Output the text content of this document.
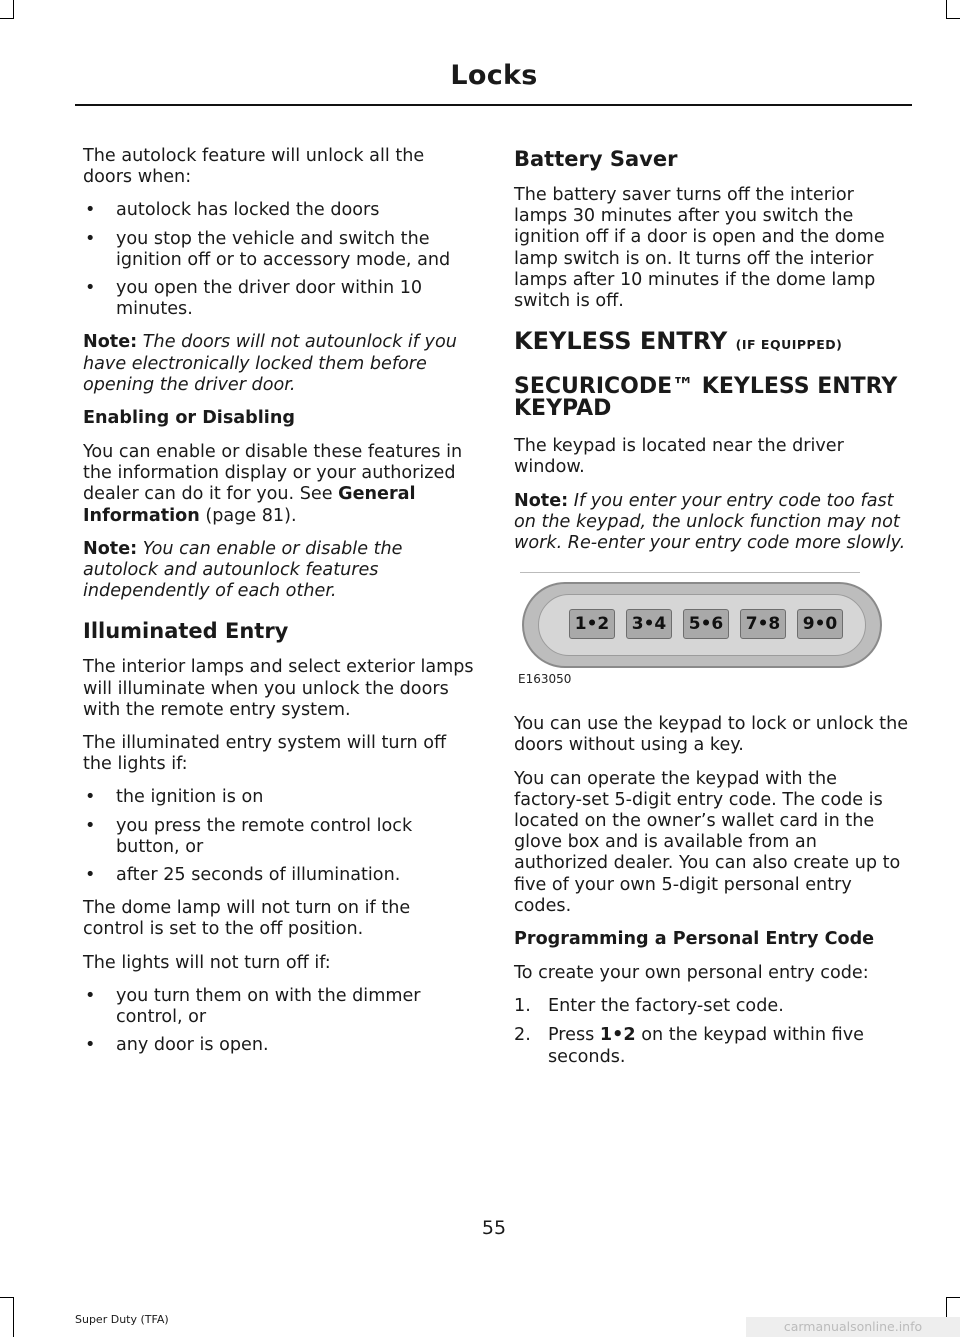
Locks

The autolock feature will unlock all the doors when:

• autolock has locked the doors
• you stop the vehicle and switch the ignition off or to accessory mode, and
• you open the driver door within 10 minutes.

Note: The doors will not autounlock if you have electronically locked them before opening the driver door.

Enabling or Disabling

You can enable or disable these features in the information display or your authorized dealer can do it for you. See General Information (page 81).

Note: You can enable or disable the autolock and autounlock features independently of each other.

Illuminated Entry

The interior lamps and select exterior lamps will illuminate when you unlock the doors with the remote entry system.

The illuminated entry system will turn off the lights if:

• the ignition is on
• you press the remote control lock button, or
• after 25 seconds of illumination.

The dome lamp will not turn on if the control is set to the off position.

The lights will not turn off if:

• you turn them on with the dimmer control, or
• any door is open.
Battery Saver

The battery saver turns off the interior lamps 30 minutes after you switch the ignition off if a door is open and the dome lamp switch is on. It turns off the interior lamps after 10 minutes if the dome lamp switch is off.

KEYLESS ENTRY (IF EQUIPPED)
SECURICODE™ KEYLESS ENTRY KEYPAD

The keypad is located near the driver window.

Note: If you enter your entry code too fast on the keypad, the unlock function may not work. Re-enter your entry code more slowly.

1•2	3•4	5•6	7•8	9•0
E163050

You can use the keypad to lock or unlock the doors without using a key.

You can operate the keypad with the factory-set 5-digit entry code. The code is located on the owner’s wallet card in the glove box and is available from an authorized dealer. You can also create up to five of your own 5-digit personal entry codes.

Programming a Personal Entry Code

To create your own personal entry code:

1. Enter the factory-set code.
2. Press 1•2 on the keypad within five seconds.
55
Super Duty (TFA)	carmanualsonline.info
